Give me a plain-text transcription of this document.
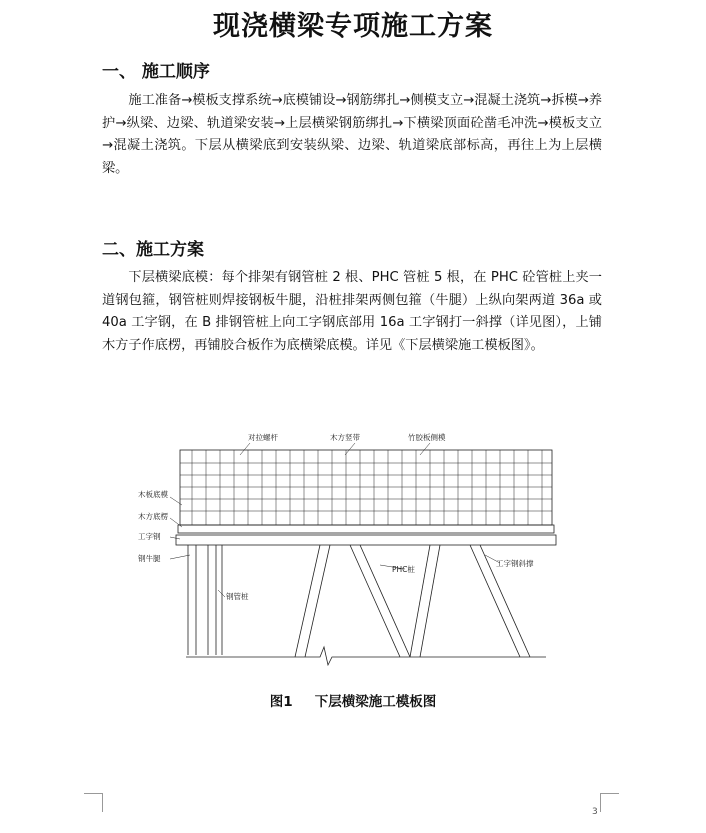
现浇横梁专项施工方案
一、 施工顺序

施工准备→模板支撑系统→底模铺设→钢筋绑扎→侧模支立→混凝土浇筑→拆模→养护→纵梁、边梁、轨道梁安装→上层横梁钢筋绑扎→下横梁顶面砼凿毛冲洗→模板支立→混凝土浇筑。下层从横梁底到安装纵梁、边梁、轨道梁底部标高，再往上为上层横梁。

二、施工方案

下层横梁底模：每个排架有钢管桩 2 根、PHC 管桩 5 根，在 PHC 砼管桩上夹一道钢包箍，钢管桩则焊接钢板牛腿，沿桩排架两侧包箍（牛腿）上纵向架两道 36a 或 40a 工字钢，在 B 排钢管桩上向工字钢底部用 16a 工字钢打一斜撑（详见图），上铺木方子作底楞，再铺胶合板作为底横梁底模。详见《下层横梁施工模板图》。

对拉螺杆	木方竖带	竹胶板侧模
木板底模
木方底楞
工字钢
钢牛腿
钢管桩
PHC桩
工字钢斜撑
图1 下层横梁施工模板图
3
